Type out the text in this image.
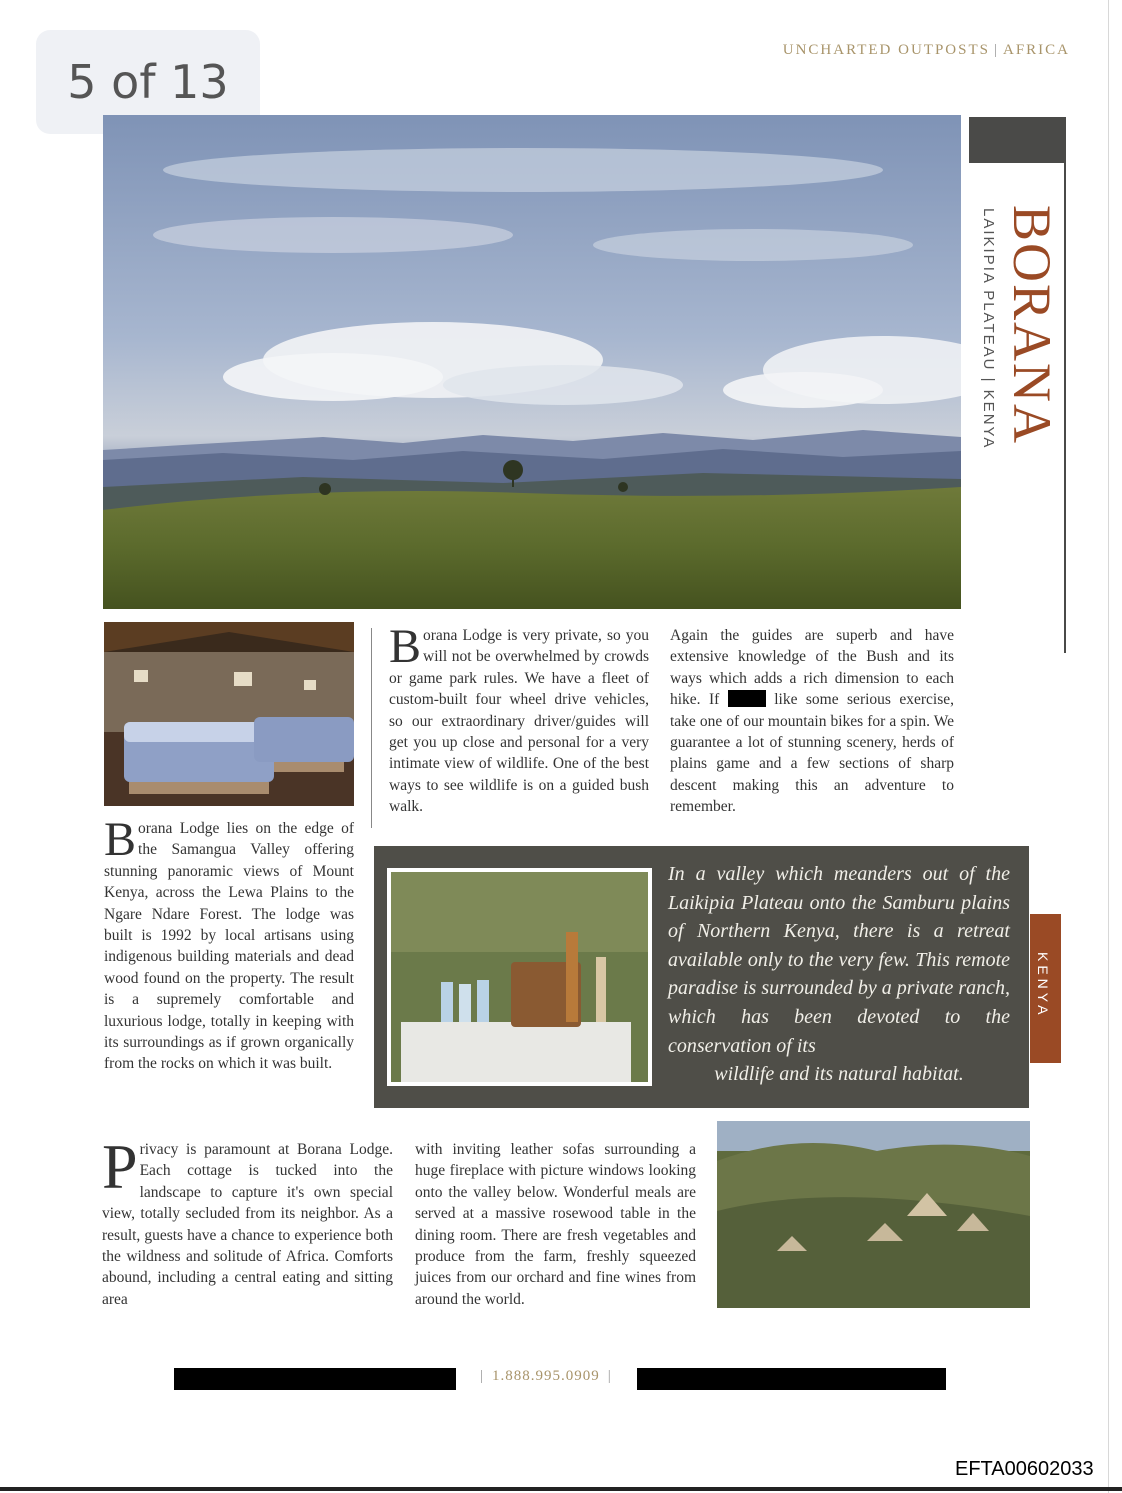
5 of 13
UNCHARTED OUTPOSTS | AFRICA
BORANA
LAIKIPIA PLATEAU | KENYA
Borana Lodge lies on the edge of the Samangua Valley offering stunning panoramic views of Mount Kenya, across the Lewa Plains to the Ngare Ndare Forest. The lodge was built is 1992 by local artisans using indigenous building materials and dead wood found on the property. The result is a supremely comfortable and luxurious lodge, totally in keeping with its surroundings as if grown organically from the rocks on which it was built.
Borana Lodge is very private, so you will not be overwhelmed by crowds or game park rules. We have a fleet of custom-built four wheel drive vehicles, so our extraordinary driver/guides will get you up close and personal for a very intimate view of wildlife. One of the best ways to see wildlife is on a guided bush walk.
Again the guides are superb and have extensive knowledge of the Bush and its ways which adds a rich dimension to each hike. If	like some serious exercise, take one of our mountain bikes for a spin. We guarantee a lot of stunning scenery, herds of plains game and a few sections of sharp descent making this an adventure to remember.
In a valley which meanders out of the Laikipia Plateau onto the Samburu plains of Northern Kenya, there is a retreat available only to the very few. This remote paradise is surrounded by a private ranch, which has been devoted to the conservation of its
wildlife and its natural habitat.
KENYA
Privacy is paramount at Borana Lodge. Each cottage is tucked into the landscape to capture it's own special view, totally secluded from its neighbor. As a result, guests have a chance to experience both the wildness and solitude of Africa. Comforts abound, including a central eating and sitting area
with inviting leather sofas surrounding a huge fireplace with picture windows looking onto the valley below. Wonderful meals are served at a massive rosewood table in the dining room. There are fresh vegetables and produce from the farm, freshly squeezed juices from our orchard and fine wines from around the world.
| 1.888.995.0909 |
EFTA00602033
